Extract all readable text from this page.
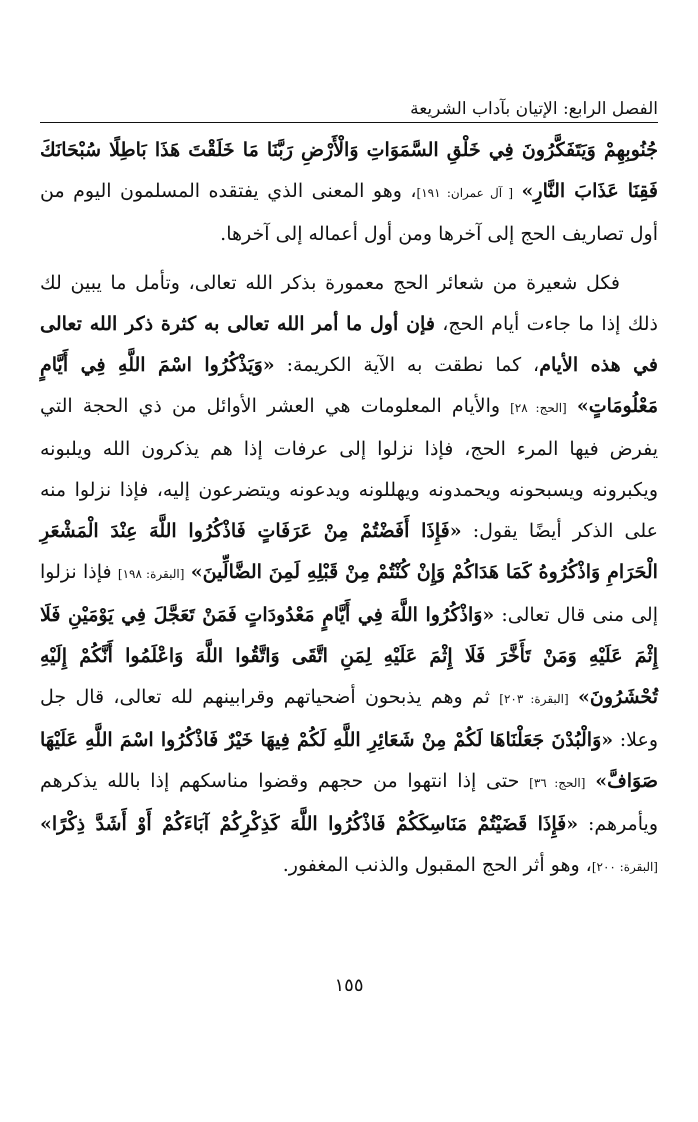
الفصل الرابع: الإتيان بآداب الشريعة

جُنُوبِهِمْ وَيَتَفَكَّرُونَ فِي خَلْقِ السَّمَوَاتِ وَالْأَرْضِ رَبَّنَا مَا خَلَقْتَ هَذَا بَاطِلًا سُبْحَانَكَ فَقِنَا عَذَابَ النَّارِ» [ آل عمران: ١٩١]، وهو المعنى الذي يفتقده المسلمون اليوم من أول تصاريف الحج إلى آخرها ومن أول أعماله إلى آخرها.

فكل شعيرة من شعائر الحج معمورة بذكر الله تعالى، وتأمل ما يبين لك ذلك إذا ما جاءت أيام الحج، فإن أول ما أمر الله تعالى به كثرة ذكر الله تعالى في هذه الأيام، كما نطقت به الآية الكريمة: «وَيَذْكُرُوا اسْمَ اللَّهِ فِي أَيَّامٍ مَعْلُومَاتٍ» [الحج: ٢٨] والأيام المعلومات هي العشر الأوائل من ذي الحجة التي يفرض فيها المرء الحج، فإذا نزلوا إلى عرفات إذا هم يذكرون الله ويلبونه ويكبرونه ويسبحونه ويحمدونه ويهللونه ويدعونه ويتضرعون إليه، فإذا نزلوا منه على الذكر أيضًا يقول: «فَإِذَا أَفَضْتُمْ مِنْ عَرَفَاتٍ فَاذْكُرُوا اللَّهَ عِنْدَ الْمَشْعَرِ الْحَرَامِ وَاذْكُرُوهُ كَمَا هَدَاكُمْ وَإِنْ كُنْتُمْ مِنْ قَبْلِهِ لَمِنَ الضَّالِّينَ» [البقرة: ١٩٨] فإذا نزلوا إلى منى قال تعالى: «وَاذْكُرُوا اللَّهَ فِي أَيَّامٍ مَعْدُودَاتٍ فَمَنْ تَعَجَّلَ فِي يَوْمَيْنِ فَلَا إِثْمَ عَلَيْهِ وَمَنْ تَأَخَّرَ فَلَا إِثْمَ عَلَيْهِ لِمَنِ اتَّقَى وَاتَّقُوا اللَّهَ وَاعْلَمُوا أَنَّكُمْ إِلَيْهِ تُحْشَرُونَ» [البقرة: ٢٠٣] ثم وهم يذبحون أضحياتهم وقرابينهم لله تعالى، قال جل وعلا: «وَالْبُدْنَ جَعَلْنَاهَا لَكُمْ مِنْ شَعَائِرِ اللَّهِ لَكُمْ فِيهَا خَيْرٌ فَاذْكُرُوا اسْمَ اللَّهِ عَلَيْهَا صَوَافَّ» [الحج: ٣٦] حتى إذا انتهوا من حجهم وقضوا مناسكهم إذا بالله يذكرهم ويأمرهم: «فَإِذَا قَضَيْتُمْ مَنَاسِكَكُمْ فَاذْكُرُوا اللَّهَ كَذِكْرِكُمْ آبَاءَكُمْ أَوْ أَشَدَّ ذِكْرًا» [البقرة: ٢٠٠]، وهو أثر الحج المقبول والذنب المغفور.

١٥٥
